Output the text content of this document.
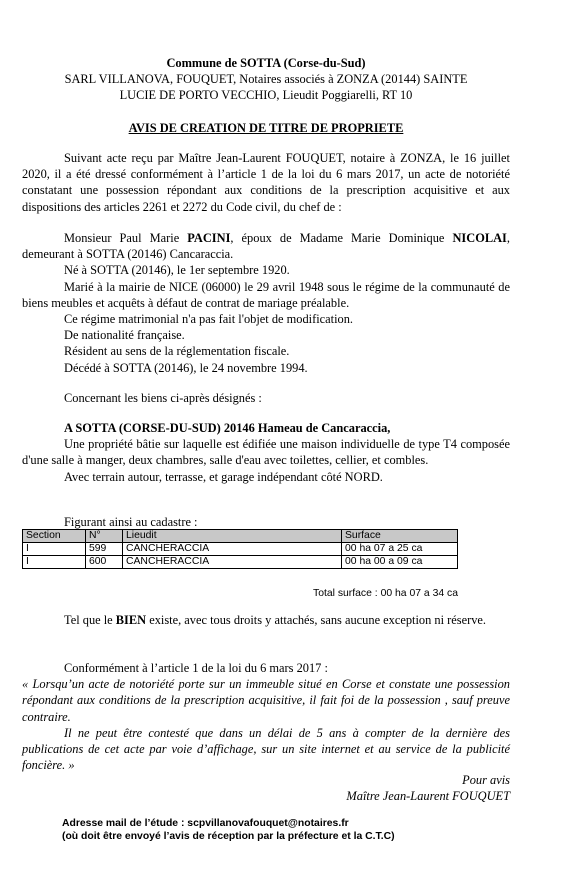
Commune de SOTTA (Corse-du-Sud)
SARL VILLANOVA, FOUQUET, Notaires associés à ZONZA (20144) SAINTE
LUCIE DE PORTO VECCHIO, Lieudit Poggiarelli, RT 10
AVIS DE CREATION DE TITRE DE PROPRIETE
Suivant acte reçu par Maître Jean-Laurent FOUQUET, notaire à ZONZA, le 16 juillet 2020, il a été dressé conformément à l’article 1 de la loi du 6 mars 2017, un acte de notoriété constatant une possession répondant aux conditions de la prescription acquisitive et aux dispositions des articles 2261 et 2272 du Code civil, du chef de :
Monsieur Paul Marie PACINI, époux de Madame Marie Dominique NICOLAI, demeurant à SOTTA (20146) Cancaraccia.
Né à SOTTA (20146), le 1er septembre 1920.
Marié à la mairie de NICE (06000) le 29 avril 1948 sous le régime de la communauté de biens meubles et acquêts à défaut de contrat de mariage préalable.
Ce régime matrimonial n'a pas fait l'objet de modification.
De nationalité française.
Résident au sens de la réglementation fiscale.
Décédé à SOTTA (20146), le 24 novembre 1994.
Concernant les biens ci-après désignés :
A SOTTA (CORSE-DU-SUD) 20146 Hameau de Cancaraccia,
Une propriété bâtie sur laquelle est édifiée une maison individuelle de type T4 composée d'une salle à manger, deux chambres, salle d'eau avec toilettes, cellier, et combles.
Avec terrain autour, terrasse, et garage indépendant côté NORD.
Figurant ainsi au cadastre :
Section	N°	Lieudit	Surface
I	599	CANCHERACCIA	00 ha 07 a 25 ca
I	600	CANCHERACCIA	00 ha 00 a 09 ca
Total surface : 00 ha 07 a 34 ca
Tel que le BIEN existe, avec tous droits y attachés, sans aucune exception ni réserve.
Conformément à l’article 1 de la loi du 6 mars 2017 :
« Lorsqu’un acte de notoriété porte sur un immeuble situé en Corse et constate une possession répondant aux conditions de la prescription acquisitive, il fait foi de la possession , sauf preuve contraire.
Il ne peut être contesté que dans un délai de 5 ans à compter de la dernière des publications de cet acte par voie d’affichage, sur un site internet et au service de la publicité foncière. »
Pour avis
Maître Jean-Laurent FOUQUET
Adresse mail de l’étude : scpvillanovafouquet@notaires.fr
(où doit être envoyé l’avis de réception par la préfecture et la C.T.C)
